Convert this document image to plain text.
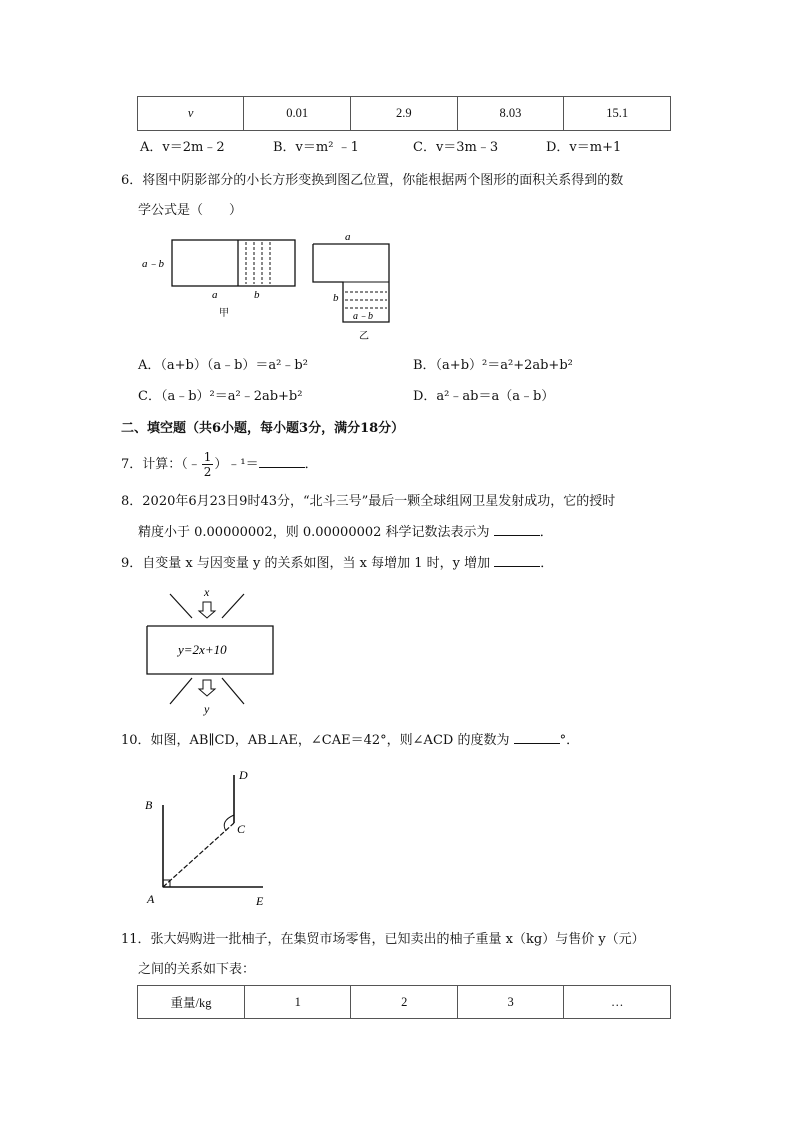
v	0.01	2.9	8.03	15.1
A．v＝2m﹣2	B．v＝m² ﹣1	C．v＝3m﹣3	D．v＝m+1
6．将图中阴影部分的小长方形变换到图乙位置，你能根据两个图形的面积关系得到的数
学公式是（　　）
a﹣b
a	b
甲
a
b
a﹣b
乙
A．（a+b）（a﹣b）＝a²﹣b²	B．（a+b）²＝a²+2ab+b²
C．（a﹣b）²＝a²﹣2ab+b²	D．a²﹣ab＝a（a﹣b）
二、填空题（共6小题，每小题3分，满分18分）
7．计算：（﹣ $\frac{1}{2}$ ）﹣¹＝	．
8．2020年6月23日9时43分，“北斗三号”最后一颗全球组网卫星发射成功，它的授时
精度小于 0.00000002，则 0.00000002 科学记数法表示为	．
9．自变量 x 与因变量 y 的关系如图，当 x 每增加 1 时，y 增加	．
x
y=2x+10
y
10．如图，AB∥CD，AB⊥AE，∠CAE＝42°，则∠ACD 的度数为	°．
B
A	E
C
D
11．张大妈购进一批柚子，在集贸市场零售，已知卖出的柚子重量 x（kg）与售价 y（元）
之间的关系如下表：
重量/kg	1	2	3	…
